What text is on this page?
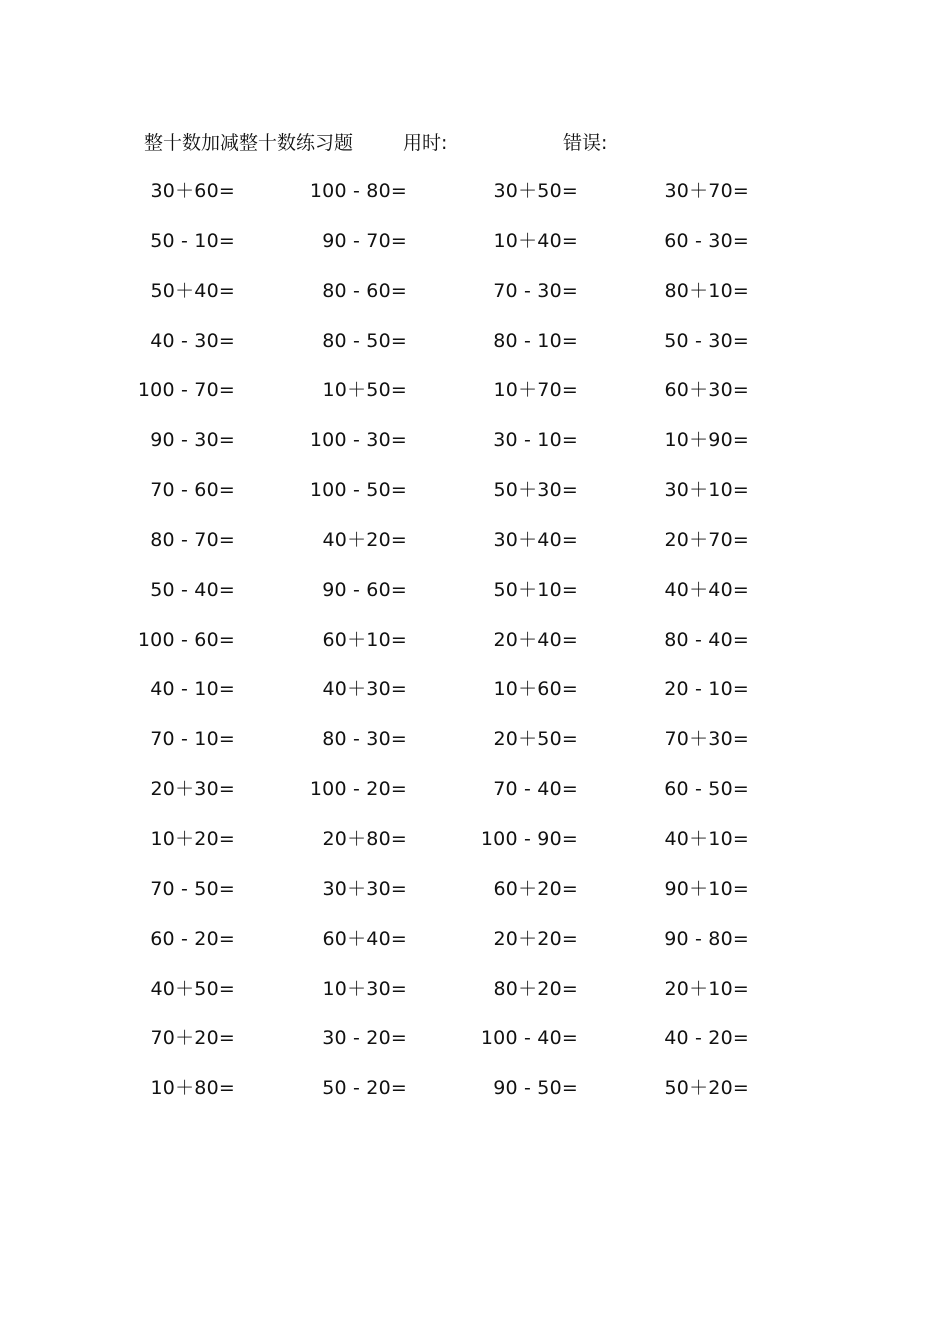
整十数加减整十数练习题	用时:	错误:
30＋60=	100 - 80=	30＋50=	30＋70=
50 - 10=	90 - 70=	10＋40=	60 - 30=
50＋40=	80 - 60=	70 - 30=	80＋10=
40 - 30=	80 - 50=	80 - 10=	50 - 30=
100 - 70=	10＋50=	10＋70=	60＋30=
90 - 30=	100 - 30=	30 - 10=	10＋90=
70 - 60=	100 - 50=	50＋30=	30＋10=
80 - 70=	40＋20=	30＋40=	20＋70=
50 - 40=	90 - 60=	50＋10=	40＋40=
100 - 60=	60＋10=	20＋40=	80 - 40=
40 - 10=	40＋30=	10＋60=	20 - 10=
70 - 10=	80 - 30=	20＋50=	70＋30=
20＋30=	100 - 20=	70 - 40=	60 - 50=
10＋20=	20＋80=	100 - 90=	40＋10=
70 - 50=	30＋30=	60＋20=	90＋10=
60 - 20=	60＋40=	20＋20=	90 - 80=
40＋50=	10＋30=	80＋20=	20＋10=
70＋20=	30 - 20=	100 - 40=	40 - 20=
10＋80=	50 - 20=	90 - 50=	50＋20=
